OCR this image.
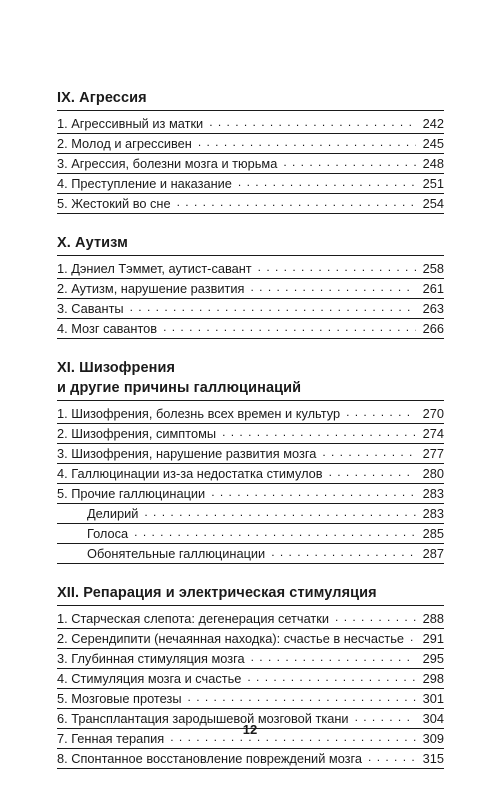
IX. Агрессия
1. Агрессивный из матки . . .	242
2. Молод и агрессивен . . .	245
3. Агрессия, болезни мозга и тюрьма . . .	248
4. Преступление и наказание . . .	251
5. Жестокий во сне . . .	254
X. Аутизм
1. Дэниел Тэммет, аутист-савант . . .	258
2. Аутизм, нарушение развития . . .	261
3. Саванты . . .	263
4. Мозг савантов . . .	266
XI. Шизофрения
и другие причины галлюцинаций
1. Шизофрения, болезнь всех времен и культур . . .	270
2. Шизофрения, симптомы . . .	274
3. Шизофрения, нарушение развития мозга . . .	277
4. Галлюцинации из-за недостатка стимулов . . .	280
5. Прочие галлюцинации . . .	283
Делирий . . .	283
Голоса . . .	285
Обонятельные галлюцинации . . .	287
XII. Репарация и электрическая стимуляция
1. Старческая слепота: дегенерация сетчатки . . .	288
2. Серендипити (нечаянная находка): счастье в несчастье . . . 291
3. Глубинная стимуляция мозга . . .	295
4. Стимуляция мозга и счастье . . .	298
5. Мозговые протезы . . .	301
6. Трансплантация зародышевой мозговой ткани . . .	304
7. Генная терапия . . .	309
8. Спонтанное восстановление повреждений мозга . . .	315
12
